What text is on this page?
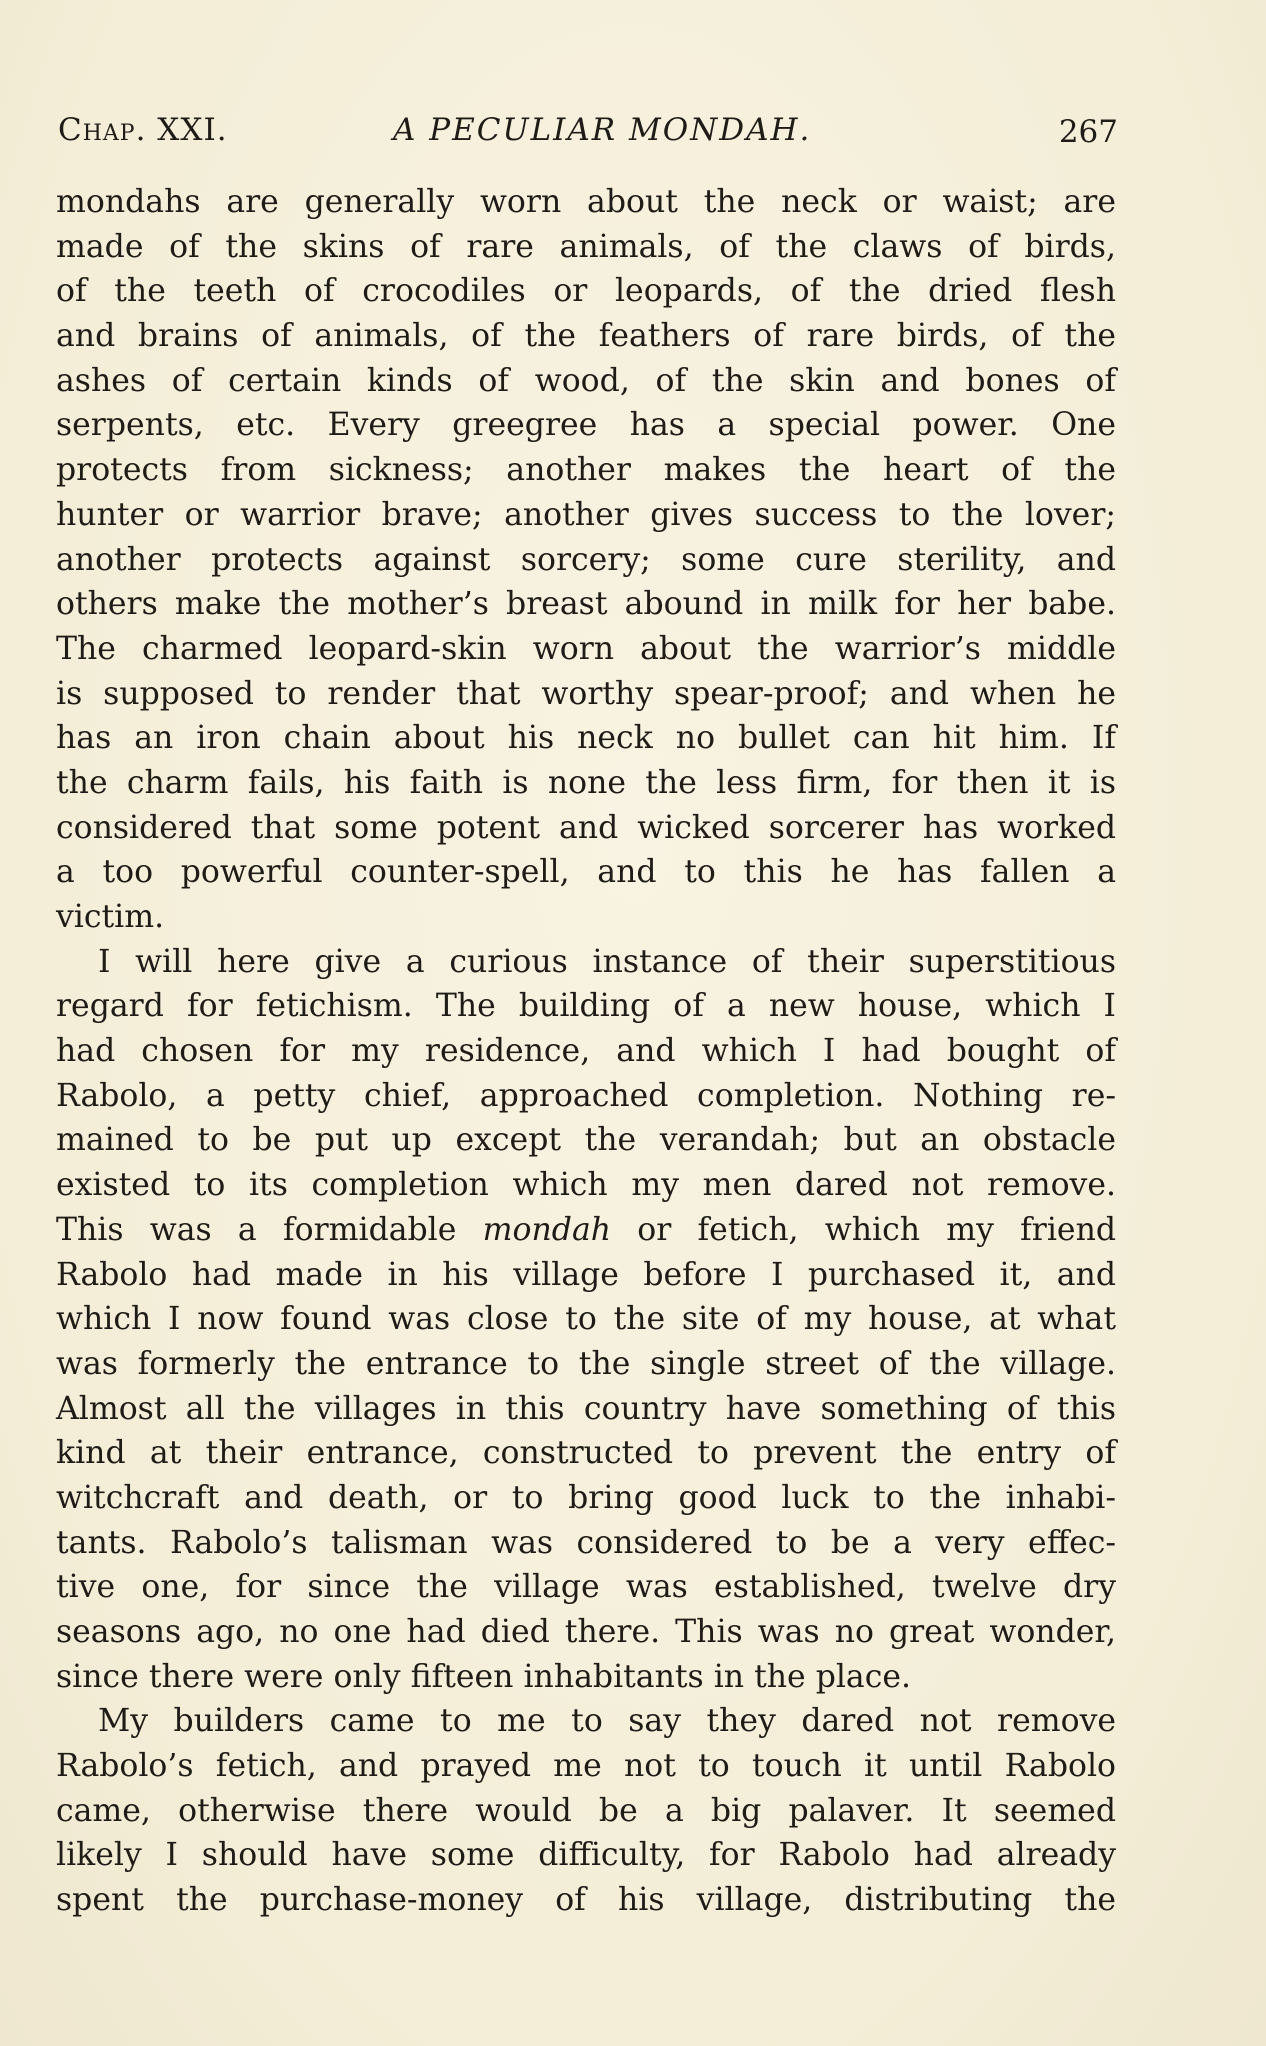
Chap. XXI.	A PECULIAR MONDAH.	267
mondahs are generally worn about the neck or waist; are
made of the skins of rare animals, of the claws of birds,
of the teeth of crocodiles or leopards, of the dried flesh
and brains of animals, of the feathers of rare birds, of the
ashes of certain kinds of wood, of the skin and bones of
serpents, etc. Every greegree has a special power. One
protects from sickness; another makes the heart of the
hunter or warrior brave; another gives success to the lover;
another protects against sorcery; some cure sterility, and
others make the mother’s breast abound in milk for her babe.
The charmed leopard-skin worn about the warrior’s middle
is supposed to render that worthy spear-proof; and when he
has an iron chain about his neck no bullet can hit him. If
the charm fails, his faith is none the less firm, for then it is
considered that some potent and wicked sorcerer has worked
a too powerful counter-spell, and to this he has fallen a
victim.
I will here give a curious instance of their superstitious
regard for fetichism. The building of a new house, which I
had chosen for my residence, and which I had bought of
Rabolo, a petty chief, approached completion. Nothing re-
mained to be put up except the verandah; but an obstacle
existed to its completion which my men dared not remove.
This was a formidable mondah or fetich, which my friend
Rabolo had made in his village before I purchased it, and
which I now found was close to the site of my house, at what
was formerly the entrance to the single street of the village.
Almost all the villages in this country have something of this
kind at their entrance, constructed to prevent the entry of
witchcraft and death, or to bring good luck to the inhabi-
tants. Rabolo’s talisman was considered to be a very effec-
tive one, for since the village was established, twelve dry
seasons ago, no one had died there. This was no great wonder,
since there were only fifteen inhabitants in the place.
My builders came to me to say they dared not remove
Rabolo’s fetich, and prayed me not to touch it until Rabolo
came, otherwise there would be a big palaver. It seemed
likely I should have some difficulty, for Rabolo had already
spent the purchase-money of his village, distributing the
